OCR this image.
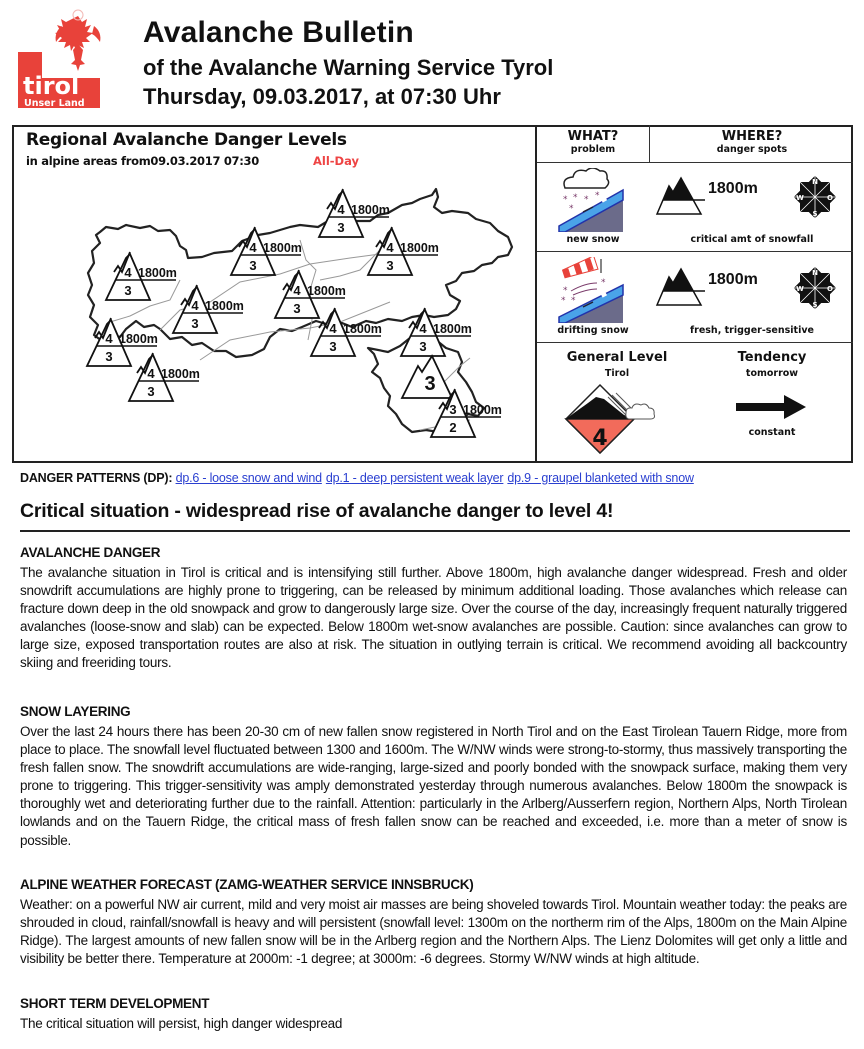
tirol
Unser Land
Avalanche Bulletin
of the Avalanche Warning Service Tyrol
Thursday, 09.03.2017, at 07:30 Uhr
Regional Avalanche Danger Levels
in alpine areas from09.03.2017 07:30	All-Day
4
3
1800m
4
3
1800m	4
3
1800m
4
3
1800m
4
3
1800m
4
3
1800m
4
3
1800m	4
3
1800m
4
3
1800m
4
3
1800m	3
3
2
1800m
WHAT?
problem
WHERE?
danger spots
* * * *
*
new snow
1800m	N
O
S
W
critical amt of snowfall
*
*
* *
drifting snow
1800m	N
O
S
W
fresh, trigger-sensitive
General Level
Tirol
4
Tendency
tomorrow
constant
DANGER PATTERNS (DP): dp.6 - loose snow and wind dp.1 - deep persistent weak layer dp.9 - graupel blanketed with snow
Critical situation - widespread rise of avalanche danger to level 4!
AVALANCHE DANGER
The avalanche situation in Tirol is critical and is intensifying still further. Above 1800m, high avalanche danger widespread. Fresh and older snowdrift accumulations are highly prone to triggering, can be released by minimum additional loading. Those avalanches which release can fracture down deep in the old snowpack and grow to dangerously large size. Over the course of the day, increasingly frequent naturally triggered avalanches (loose-snow and slab) can be expected. Below 1800m wet-snow avalanches are possible. Caution: since avalanches can grow to large size, exposed transportation routes are also at risk. The situation in outlying terrain is critical. We recommend avoiding all backcountry skiing and freeriding tours.
SNOW LAYERING
Over the last 24 hours there has been 20-30 cm of new fallen snow registered in North Tirol and on the East Tirolean Tauern Ridge, more from place to place. The snowfall level fluctuated between 1300 and 1600m. The W/NW winds were strong-to-stormy, thus massively transporting the fresh fallen snow. The snowdrift accumulations are wide-ranging, large-sized and poorly bonded with the snowpack surface, making them very prone to triggering. This trigger-sensitivity was amply demonstrated yesterday through numerous avalanches. Below 1800m the snowpack is thoroughly wet and deteriorating further due to the rainfall. Attention: particularly in the Arlberg/Ausserfern region, Northern Alps, North Tirolean lowlands and on the Tauern Ridge, the critical mass of fresh fallen snow can be reached and exceeded, i.e. more than a meter of snow is possible.
ALPINE WEATHER FORECAST (ZAMG-WEATHER SERVICE INNSBRUCK)
Weather: on a powerful NW air current, mild and very moist air masses are being shoveled towards Tirol. Mountain weather today: the peaks are shrouded in cloud, rainfall/snowfall is heavy and will persistent (snowfall level: 1300m on the northerm rim of the Alps, 1800m on the Main Alpine Ridge). The largest amounts of new fallen snow will be in the Arlberg region and the Northern Alps. The Lienz Dolomites will get only a little and visibility be better there. Temperature at 2000m: -1 degree; at 3000m: -6 degrees. Stormy W/NW winds at high altitude.
SHORT TERM DEVELOPMENT
The critical situation will persist, high danger widespread
